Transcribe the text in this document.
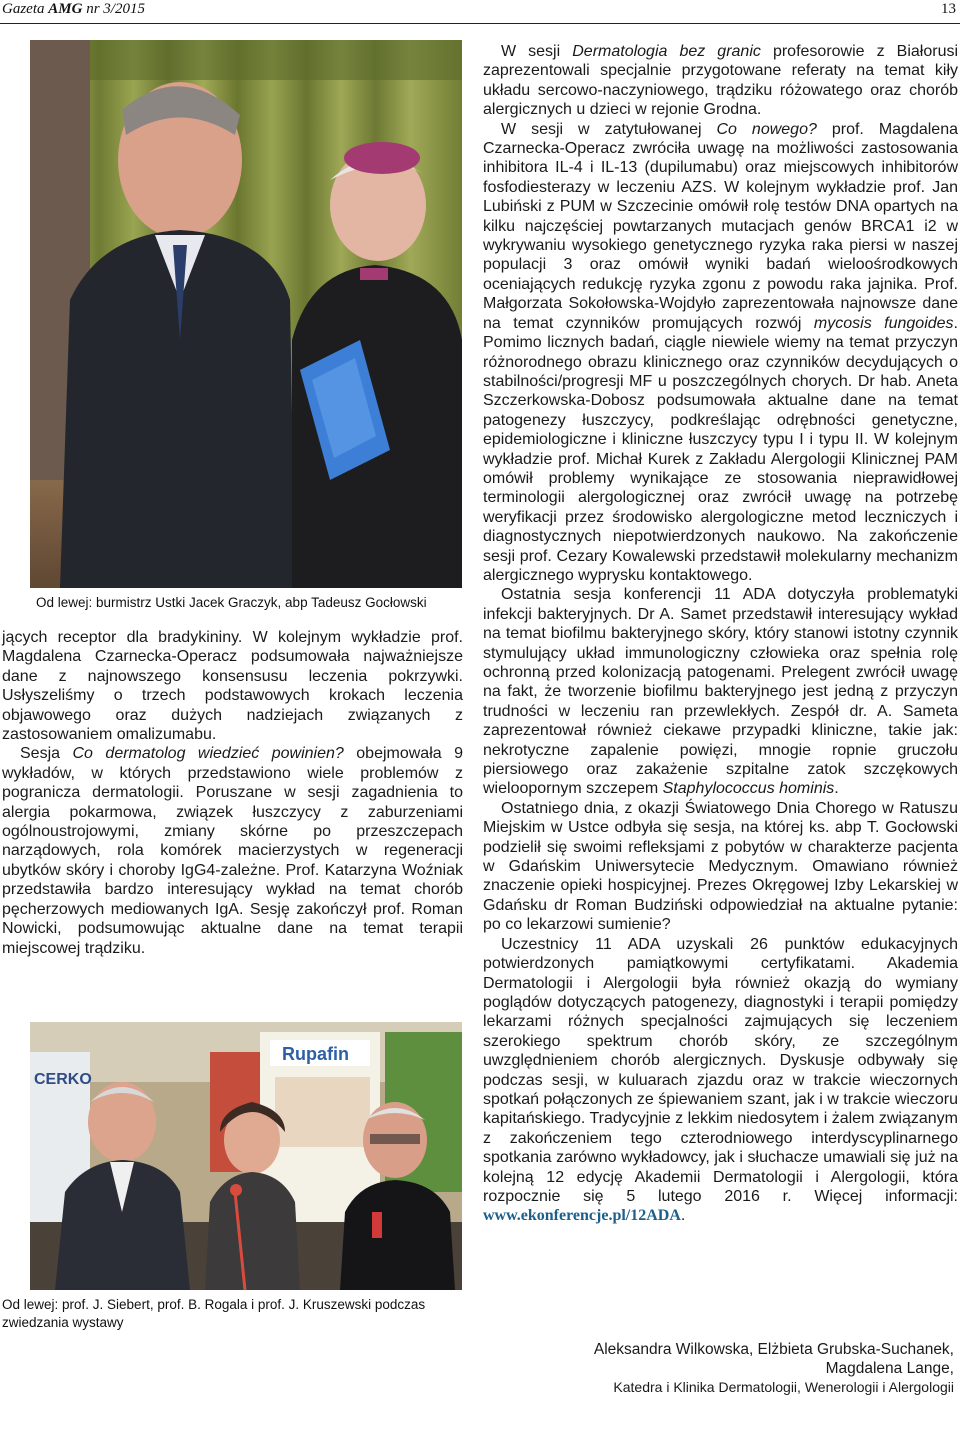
Gazeta AMG nr 3/2015	13
Od lewej: burmistrz Ustki Jacek Graczyk, abp Tadeusz Gocłowski

jących receptor dla bradykininy. W kolejnym wykładzie prof. Magdalena Czarnecka-Operacz podsumowała najważniejsze dane z najnowszego konsensusu leczenia pokrzywki. Usłyszeliśmy o trzech podstawowych krokach leczenia objawowego oraz dużych nadziejach związanych z zastosowaniem omalizumabu.

Sesja Co dermatolog wiedzieć powinien? obejmowała 9 wykładów, w których przedstawiono wiele problemów z pogranicza dermatologii. Poruszane w sesji zagadnienia to alergia pokarmowa, związek łuszczycy z zaburzeniami ogólnoustrojowymi, zmiany skórne po przeszczepach narządowych, rola komórek macierzystych w regeneracji ubytków skóry i choroby IgG4-zależne. Prof. Katarzyna Woźniak przedstawiła bardzo interesujący wykład na temat chorób pęcherzowych mediowanych IgA. Sesję zakończył prof. Roman Nowicki, podsumowując aktualne dane na temat terapii miejscowej trądziku.

CERKO
Rupafin
Od lewej: prof. J. Siebert, prof. B. Rogala i prof. J. Kruszewski podczas zwiedzania wystawy

W sesji Dermatologia bez granic profesorowie z Białorusi zaprezentowali specjalnie przygotowane referaty na temat kiły układu sercowo-naczyniowego, trądziku różowatego oraz chorób alergicznych u dzieci w rejonie Grodna.

W sesji w zatytułowanej Co nowego? prof. Magdalena Czarnecka-Operacz zwróciła uwagę na możliwości zastosowania inhibitora IL-4 i IL-13 (dupilumabu) oraz miejscowych inhibitorów fosfodiesterazy w leczeniu AZS. W kolejnym wykładzie prof. Jan Lubiński z PUM w Szczecinie omówił rolę testów DNA opartych na kilku najczęściej powtarzanych mutacjach genów BRCA1 i2 w wykrywaniu wysokiego genetycznego ryzyka raka piersi w naszej populacji 3 oraz omówił wyniki badań wieloośrodkowych oceniających redukcję ryzyka zgonu z powodu raka jajnika. Prof. Małgorzata Sokołowska-Wojdyło zaprezentowała najnowsze dane na temat czynników promujących rozwój mycosis fungoides. Pomimo licznych badań, ciągle niewiele wiemy na temat przyczyn różnorodnego obrazu klinicznego oraz czynników decydujących o stabilności/progresji MF u poszczególnych chorych. Dr hab. Aneta Szczerkowska-Dobosz podsumowała aktualne dane na temat patogenezy łuszczycy, podkreślając odrębności genetyczne, epidemiologiczne i kliniczne łuszczycy typu I i typu II. W kolejnym wykładzie prof. Michał Kurek z Zakładu Alergologii Klinicznej PAM omówił problemy wynikające ze stosowania nieprawidłowej terminologii alergologicznej oraz zwrócił uwagę na potrzebę weryfikacji przez środowisko alergologiczne metod leczniczych i diagnostycznych niepotwierdzonych naukowo. Na zakończenie sesji prof. Cezary Kowalewski przedstawił molekularny mechanizm alergicznego wyprysku kontaktowego.

Ostatnia sesja konferencji 11 ADA dotyczyła problematyki infekcji bakteryjnych. Dr A. Samet przedstawił interesujący wykład na temat biofilmu bakteryjnego skóry, który stanowi istotny czynnik stymulujący układ immunologiczny człowieka oraz spełnia rolę ochronną przed kolonizacją patogenami. Prelegent zwrócił uwagę na fakt, że tworzenie biofilmu bakteryjnego jest jedną z przyczyn trudności w leczeniu ran przewlekłych. Zespół dr. A. Sameta zaprezentował również ciekawe przypadki kliniczne, takie jak: nekrotyczne zapalenie powięzi, mnogie ropnie gruczołu piersiowego oraz zakażenie szpitalne zatok szczękowych wieloopornym szczepem Staphylococcus hominis.

Ostatniego dnia, z okazji Światowego Dnia Chorego w Ratuszu Miejskim w Ustce odbyła się sesja, na której ks. abp T. Gocłowski podzielił się swoimi refleksjami z pobytów w charakterze pacjenta w Gdańskim Uniwersytecie Medycznym. Omawiano również znaczenie opieki hospicyjnej. Prezes Okręgowej Izby Lekarskiej w Gdańsku dr Roman Budziński odpowiedział na aktualne pytanie: po co lekarzowi sumienie?

Uczestnicy 11 ADA uzyskali 26 punktów edukacyjnych potwierdzonych pamiątkowymi certyfikatami. Akademia Dermatologii i Alergologii była również okazją do wymiany poglądów dotyczących patogenezy, diagnostyki i terapii pomiędzy lekarzami różnych specjalności zajmujących się leczeniem szerokiego spektrum chorób skóry, ze szczególnym uwzględnieniem chorób alergicznych. Dyskusje odbywały się podczas sesji, w kuluarach zjazdu oraz w trakcie wieczornych spotkań połączonych ze śpiewaniem szant, jak i w trakcie wieczoru kapitańskiego. Tradycyjnie z lekkim niedosytem i żalem związanym z zakończeniem tego czterodniowego interdyscyplinarnego spotkania zarówno wykładowcy, jak i słuchacze umawiali się już na kolejną 12 edycję Akademii Dermatologii i Alergologii, która rozpocznie się 5 lutego 2016 r. Więcej informacji: www.ekonferencje.pl/12ADA.

Aleksandra Wilkowska, Elżbieta Grubska-Suchanek,
Magdalena Lange,
Katedra i Klinika Dermatologii, Wenerologii i Alergologii
